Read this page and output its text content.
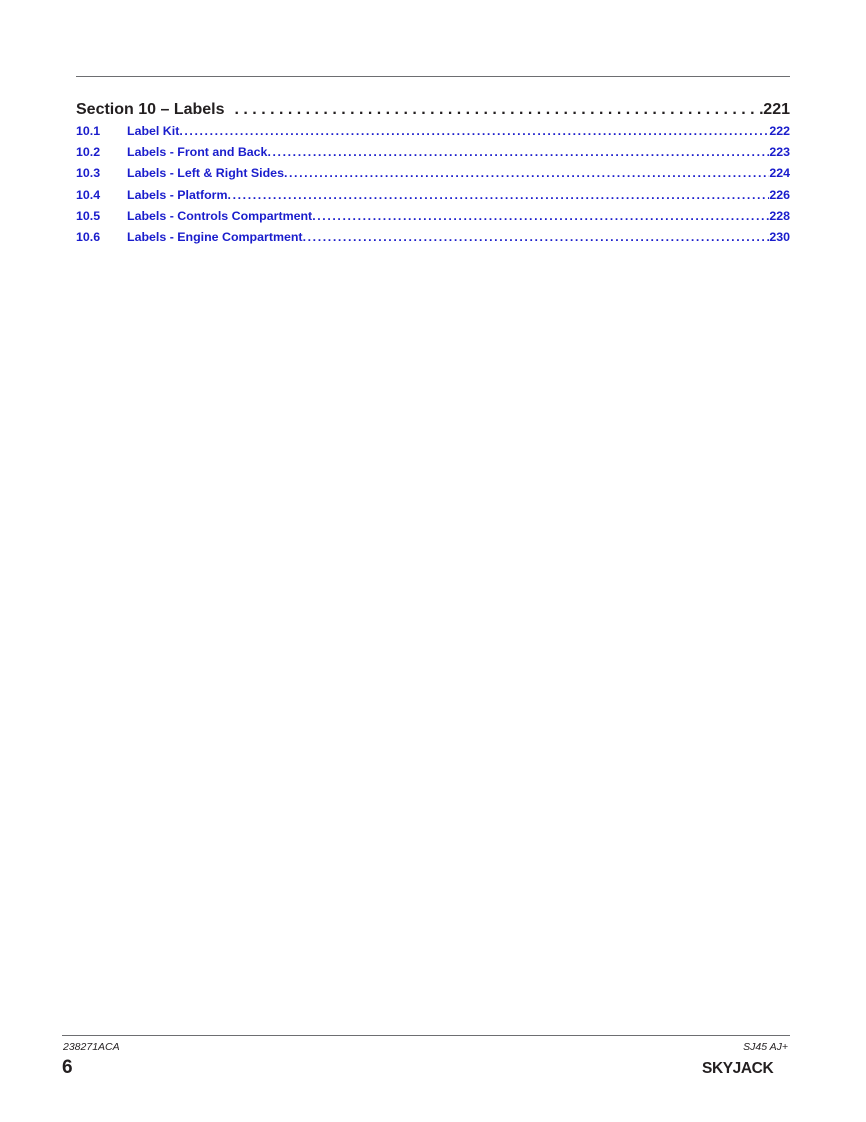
Section 10 – Labels . . .	221
10.1	Label Kit .....	222
10.2	Labels - Front and Back .....	223
10.3	Labels - Left & Right Sides .....	224
10.4	Labels - Platform .....	226
10.5	Labels - Controls Compartment .....	228
10.6	Labels - Engine Compartment .....	230
238271ACA	SJ45 AJ+
6	SKYJACK
